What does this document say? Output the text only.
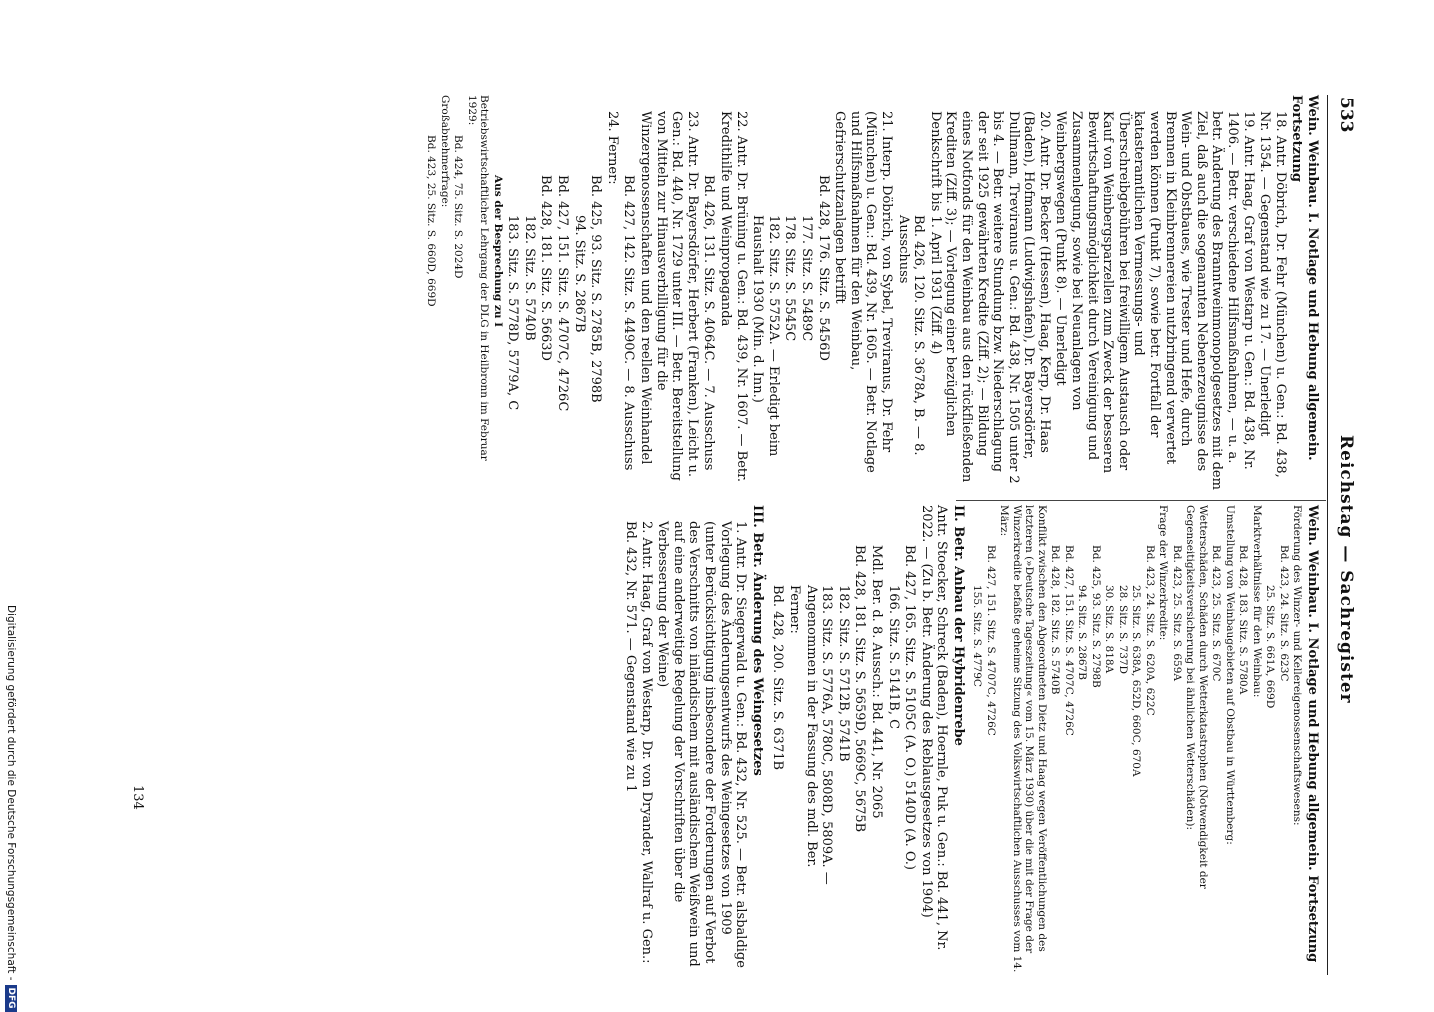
Reichstag — Sachregister
533

Wein. Weinbau. I. Notlage und Hebung allgemein. Fortsetzung

18. Antr. Döbrich, Dr. Fehr (München) u. Gen.: Bd. 438, Nr. 1354. — Gegenstand wie zu 17. — Unerledigt

19. Antr. Haag, Graf von Westarp u. Gen.: Bd. 438, Nr. 1406. — Betr. verschiedene Hilfsmaßnahmen, — u. a. betr. Änderung des Branntweinmonopolgesetzes mit dem Ziel, daß auch die sogenannten Nebenerzeugnisse des Wein- und Obstbaues, wie Trester und Hefe, durch Brennen in Kleinbrennereien nutzbringend verwertet werden können (Punkt 7), sowie betr. Fortfall der katasteramtlichen Vermessungs- und Überschreibgebühren bei freiwilligem Austausch oder Kauf von Weinbergsparzellen zum Zweck der besseren Bewirtschaftungsmöglichkeit durch Vereinigung und Zusammenlegung, sowie bei Neuanlagen von Weinbergswegen (Punkt 8). — Unerledigt

20. Antr. Dr. Becker (Hessen), Haag, Kerp, Dr. Haas (Baden), Hofmann (Ludwigshafen), Dr. Bayersdörfer, Dullmann, Treviranus u. Gen.: Bd. 438, Nr. 1505 unter 2 bis 4. — Betr. weitere Stundung bzw. Niederschlagung der seit 1925 gewährten Kredite (Ziff. 2); — Bildung eines Notfonds für den Weinbau aus den rückfließenden Krediten (Ziff. 3); — Vorlegung einer bezüglichen Denkschrift bis 1. April 1931 (Ziff. 4)

Bd. 426, 120. Sitz. S. 3678A, B. — 8. Ausschuss

21. Interp. Döbrich, von Sybel, Treviranus, Dr. Fehr (München) u. Gen.: Bd. 439, Nr. 1605. — Betr. Notlage und Hilfsmaßnahmen für den Weinbau, Gefrierschutzanlagen betrifft

Bd. 428, 176. Sitz. S. 5456D

177. Sitz. S. 5489C

178. Sitz. S. 5545C

182. Sitz. S. 5752A. — Erledigt beim Haushalt 1930 (Min. d. Inn.)

22. Antr. Dr. Brüning u. Gen.: Bd. 439, Nr. 1607. — Betr. Kredithilfe und Weinpropaganda

Bd. 426, 131. Sitz. S. 4064C. — 7. Ausschuss

23. Antr. Dr. Bayersdörfer, Herbert (Franken), Leicht u. Gen.: Bd. 440, Nr. 1729 unter III. — Betr. Bereitstellung von Mitteln zur Hinausverbilligung für die Winzergenossenschaften und den reellen Weinhandel

Bd. 427, 142. Sitz. S. 4490C. — 8. Ausschuss

24. Ferner:

Bd. 425, 93. Sitz. S. 2785B, 2798B

94. Sitz. S. 2867B

Bd. 427, 151. Sitz. S. 4707C, 4726C

Bd. 428, 181. Sitz. S. 5663D

182. Sitz. S. 5740B

183. Sitz. S. 5778D, 5779A, C

Aus der Besprechung zu I

Betriebswirtschaftlicher Lehrgang der DLG in Heilbronn im Februar 1929:

Bd. 424, 75. Sitz. S. 2024D

Großabnehmerfrage:

Bd. 423, 25. Sitz. S. 660D, 669D

Wein. Weinbau. I. Notlage und Hebung allgemein. Fortsetzung

Förderung des Winzer- und Kellereigenossenschaftswesens:

Bd. 423, 24. Sitz. S. 623C

25. Sitz. S. 661A, 669D

Marktverhältnisse für den Weinbau:

Bd. 428, 183. Sitz. S. 5780A

Umstellung von Weinbaugebieten auf Obstbau in Württemberg:

Bd. 423, 25. Sitz. S. 670C

Wetterschäden, Schäden durch Wetterkatastrophen (Notwendigkeit der Gegenseitigkeitsversicherung bei ähnlichen Wetterschäden):

Bd. 423, 25. Sitz. S. 659A

Frage der Winzerkredite:

Bd. 423, 24. Sitz. S. 620A, 622C

25. Sitz. S. 638A, 652D, 660C, 670A

28. Sitz. S. 737D

30. Sitz. S. 818A

Bd. 425, 93. Sitz. S. 2798B

94. Sitz. S. 2867B

Bd. 427, 151. Sitz. S. 4707C, 4726C

Bd. 428, 182. Sitz. S. 5740B

Konflikt zwischen den Abgeordneten Dietz und Haag wegen Veröffentlichungen des letzteren (»Deutsche Tageszeitung« vom 15. März 1930) über die mit der Frage der Winzerkredite befaßte geheime Sitzung des Volkswirtschaftlichen Ausschusses vom 14. März:

Bd. 427, 151. Sitz. S. 4707C, 4726C

155. Sitz. S. 4779C

II. Betr. Anbau der Hybridenrebe

Antr. Stoecker, Schreck (Baden), Hoernle, Puk u. Gen.: Bd. 441, Nr. 2022. — (Zu b. Betr. Änderung des Reblausgesetzes von 1904)

Bd. 427, 165. Sitz. S. 5105C (A. O.) 5140D (A. O.)

166. Sitz. S. 5141B, C

Mdl. Ber. d. 8. Aussch.: Bd. 441, Nr. 2065

Bd. 428, 181. Sitz. S. 5659D, 5669C, 5675B

182. Sitz. S. 5712B, 5741B

183. Sitz. S. 5776A, 5780C, 5808D, 5809A. — Angenommen in der Fassung des mdl. Ber.

Ferner:

Bd. 428, 200. Sitz. S. 6371B

III. Betr. Änderung des Weingesetzes

1. Antr. Dr. Siegerwald u. Gen.: Bd. 432, Nr. 525. — Betr. alsbaldige Vorlegung des Änderungsentwurfs des Weingesetzes von 1909 (unter Berücksichtigung insbesondere der Forderungen auf Verbot des Verschnitts von inländischem mit ausländischem Weißwein und auf eine anderweitige Regelung der Vorschriften über die Verbesserung der Weine)

2. Antr. Haag, Graf von Westarp, Dr. von Dryander, Wallraf u. Gen.: Bd. 432, Nr. 571. — Gegenstand wie zu 1

134
Digitalisierung gefördert durch die Deutsche Forschungsgemeinschaft -
DFG
